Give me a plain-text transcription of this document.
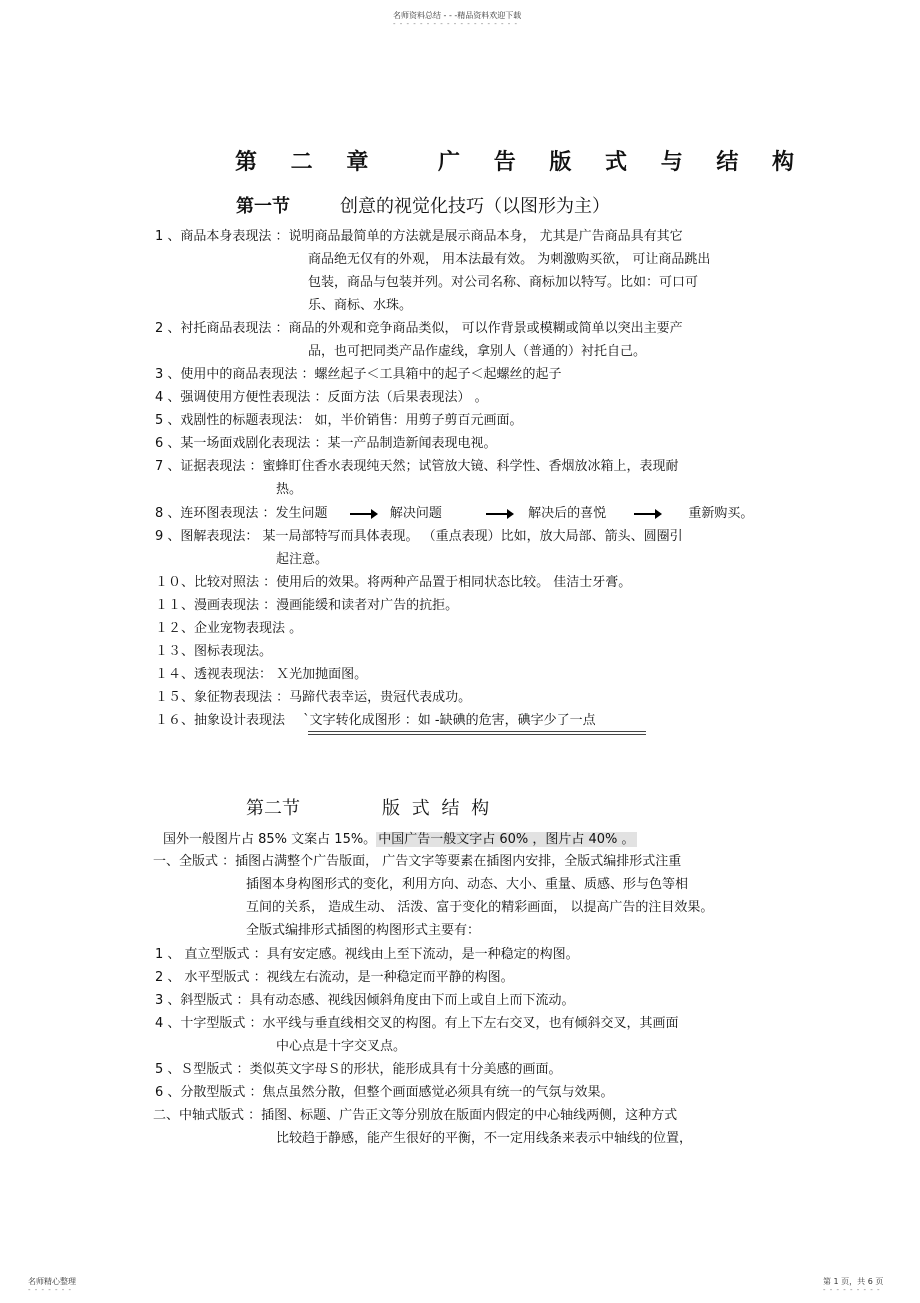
名师资料总结 - - -精品资料欢迎下载
- - - - - - - - - - - - - - - - - - -
第 二 章	广 告 版 式 与 结 构
第一节	创意的视觉化技巧（以图形为主）
1 、商品本身表现法 ：说明商品最简单的方法就是展示商品本身， 尤其是广告商品具有其它
商品绝无仅有的外观， 用本法最有效。 为刺激购买欲， 可让商品跳出
包装，商品与包装并列。对公司名称、商标加以特写。比如：可口可
乐、商标、水珠。
2 、衬托商品表现法 ：商品的外观和竞争商品类似， 可以作背景或模糊或简单以突出主要产
品，也可把同类产品作虚线，拿别人（普通的）衬托自己。
3 、使用中的商品表现法 ：螺丝起子＜工具箱中的起子＜起螺丝的起子
4 、强调使用方便性表现法 ：反面方法（后果表现法） 。
5 、戏剧性的标题表现法： 如，半价销售：用剪子剪百元画面。
6 、某一场面戏剧化表现法 ：某一产品制造新闻表现电视。
7 、证据表现法 ：蜜蜂盯住香水表现纯天然；试管放大镜、科学性、香烟放冰箱上，表现耐
热。
8 、连环图表现法 ：发生问题	解决问题	解决后的喜悦	重新购买。
9 、图解表现法： 某一局部特写而具体表现。 （重点表现）比如，放大局部、箭头、圆圈引
起注意。
１０、比较对照法 ：使用后的效果。将两种产品置于相同状态比较。 佳洁士牙膏。
１１、漫画表现法 ：漫画能缓和读者对广告的抗拒。
１２、企业宠物表现法 。
１３、图标表现法。
１４、透视表现法： Ｘ光加抛面图。
１５、象征物表现法 ：马蹄代表幸运，贵冠代表成功。
１６、抽象设计表现法 `文字转化成图形 ：如 -缺碘的危害，碘字少了一点
第二节	版 式 结 构
国外一般图片占 85% 文案占 15%。 中国广告一般文字占 60% ，图片占 40% 。
一、全版式 ：插图占满整个广告版面， 广告文字等要素在插图内安排，全版式编排形式注重
插图本身构图形式的变化，利用方向、动态、大小、重量、质感、形与色等相
互间的关系， 造成生动、 活泼、富于变化的精彩画面， 以提高广告的注目效果。
全版式编排形式插图的构图形式主要有：
1 、 直立型版式 ：具有安定感。视线由上至下流动，是一种稳定的构图。
2 、 水平型版式 ：视线左右流动，是一种稳定而平静的构图。
3 、斜型版式 ：具有动态感、视线因倾斜角度由下而上或自上而下流动。
4 、十字型版式 ：水平线与垂直线相交叉的构图。有上下左右交叉，也有倾斜交叉，其画面
中心点是十字交叉点。
5 、Ｓ型版式 ：类似英文字母Ｓ的形状，能形成具有十分美感的画面。
6 、分散型版式 ：焦点虽然分散，但整个画面感觉必须具有统一的气氛与效果。
二、中轴式版式 ：插图、标题、广告正文等分别放在版面内假定的中心轴线两侧，这种方式
比较趋于静感，能产生很好的平衡，不一定用线条来表示中轴线的位置，
名师精心整理
- - - - - - -
第 1 页，共 6 页
- - - - - - - - -
